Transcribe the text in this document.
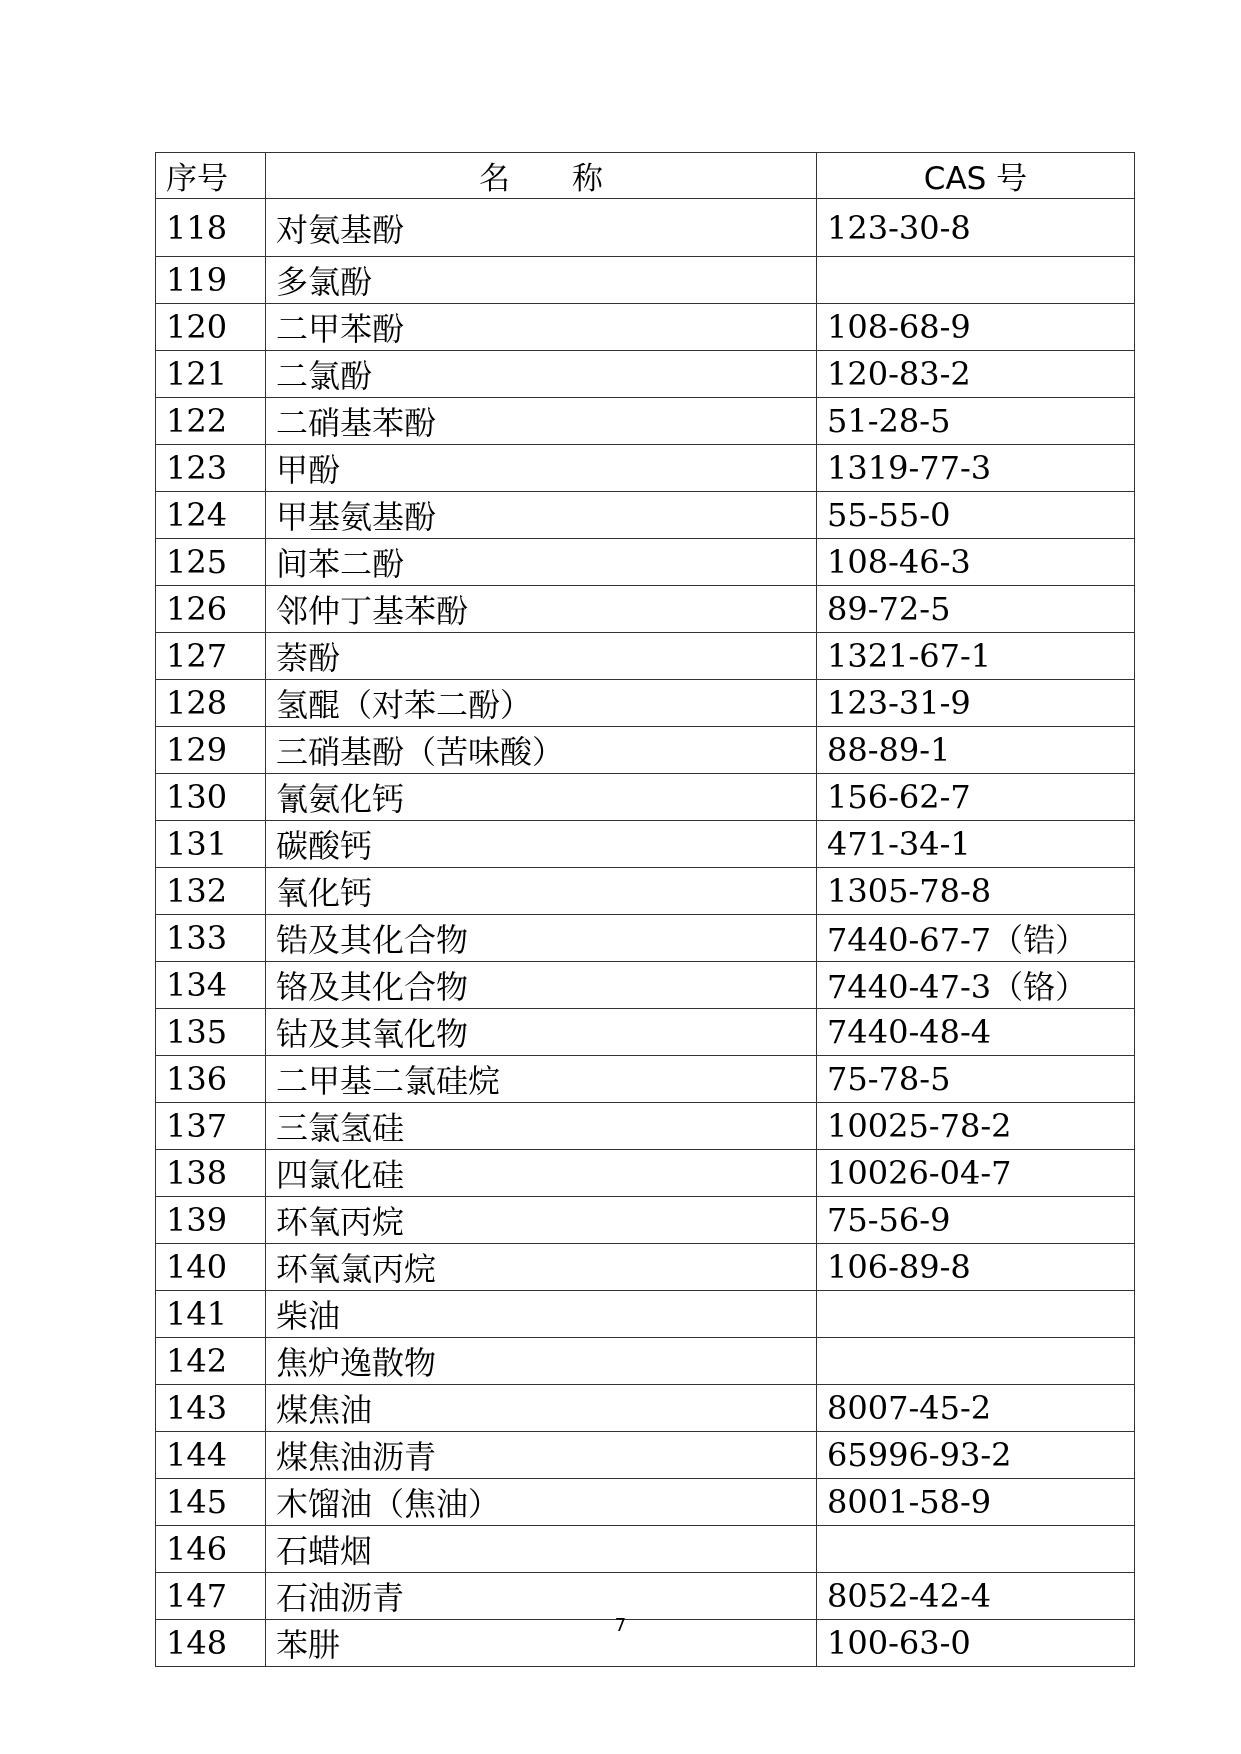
序号	名　　称	CAS 号
118	对氨基酚	123-30-8
119	多氯酚	
120	二甲苯酚	108-68-9
121	二氯酚	120-83-2
122	二硝基苯酚	51-28-5
123	甲酚	1319-77-3
124	甲基氨基酚	55-55-0
125	间苯二酚	108-46-3
126	邻仲丁基苯酚	89-72-5
127	萘酚	1321-67-1
128	氢醌（对苯二酚）	123-31-9
129	三硝基酚（苦味酸）	88-89-1
130	氰氨化钙	156-62-7
131	碳酸钙	471-34-1
132	氧化钙	1305-78-8
133	锆及其化合物	7440-67-7（锆）
134	铬及其化合物	7440-47-3（铬）
135	钴及其氧化物	7440-48-4
136	二甲基二氯硅烷	75-78-5
137	三氯氢硅	10025-78-2
138	四氯化硅	10026-04-7
139	环氧丙烷	75-56-9
140	环氧氯丙烷	106-89-8
141	柴油	
142	焦炉逸散物	
143	煤焦油	8007-45-2
144	煤焦油沥青	65996-93-2
145	木馏油（焦油）	8001-58-9
146	石蜡烟	
147	石油沥青	8052-42-4
148	苯肼	100-63-0
7
